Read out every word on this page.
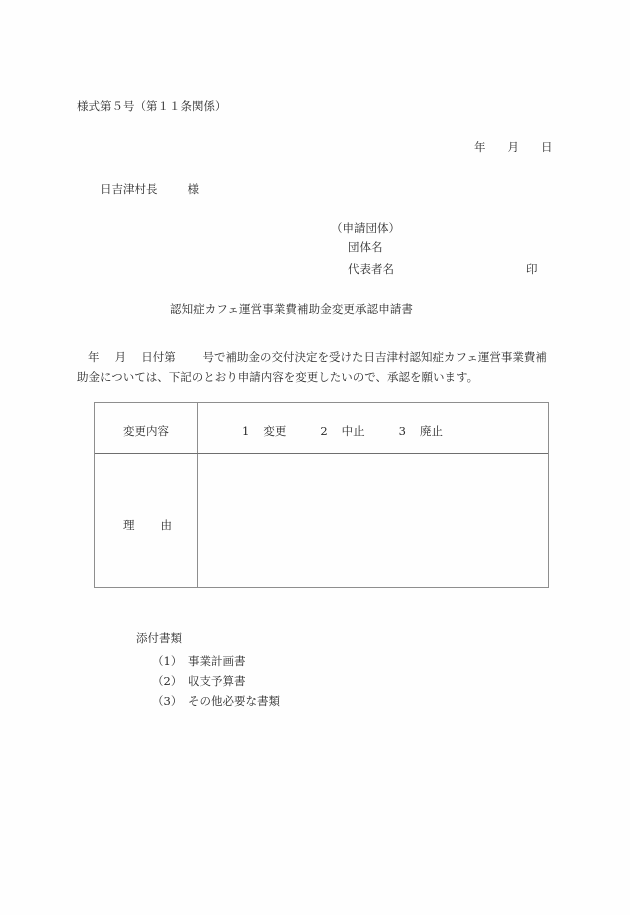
様式第５号（第１１条関係）
年 月 日
日吉津村長	様
（申請団体）
団体名
代表者名	印
認知症カフェ運営事業費補助金変更承認申請書

年　 月　 日付第　　 号で補助金の交付決定を受けた日吉津村認知症カフェ運営事業費補

助金については、下記のとおり申請内容を変更したいので、承認を願います。

変更内容	1 変更	2 中止	3 廃止
理 由
添付書類
（1） 事業計画書
（2） 収支予算書
（3） その他必要な書類
